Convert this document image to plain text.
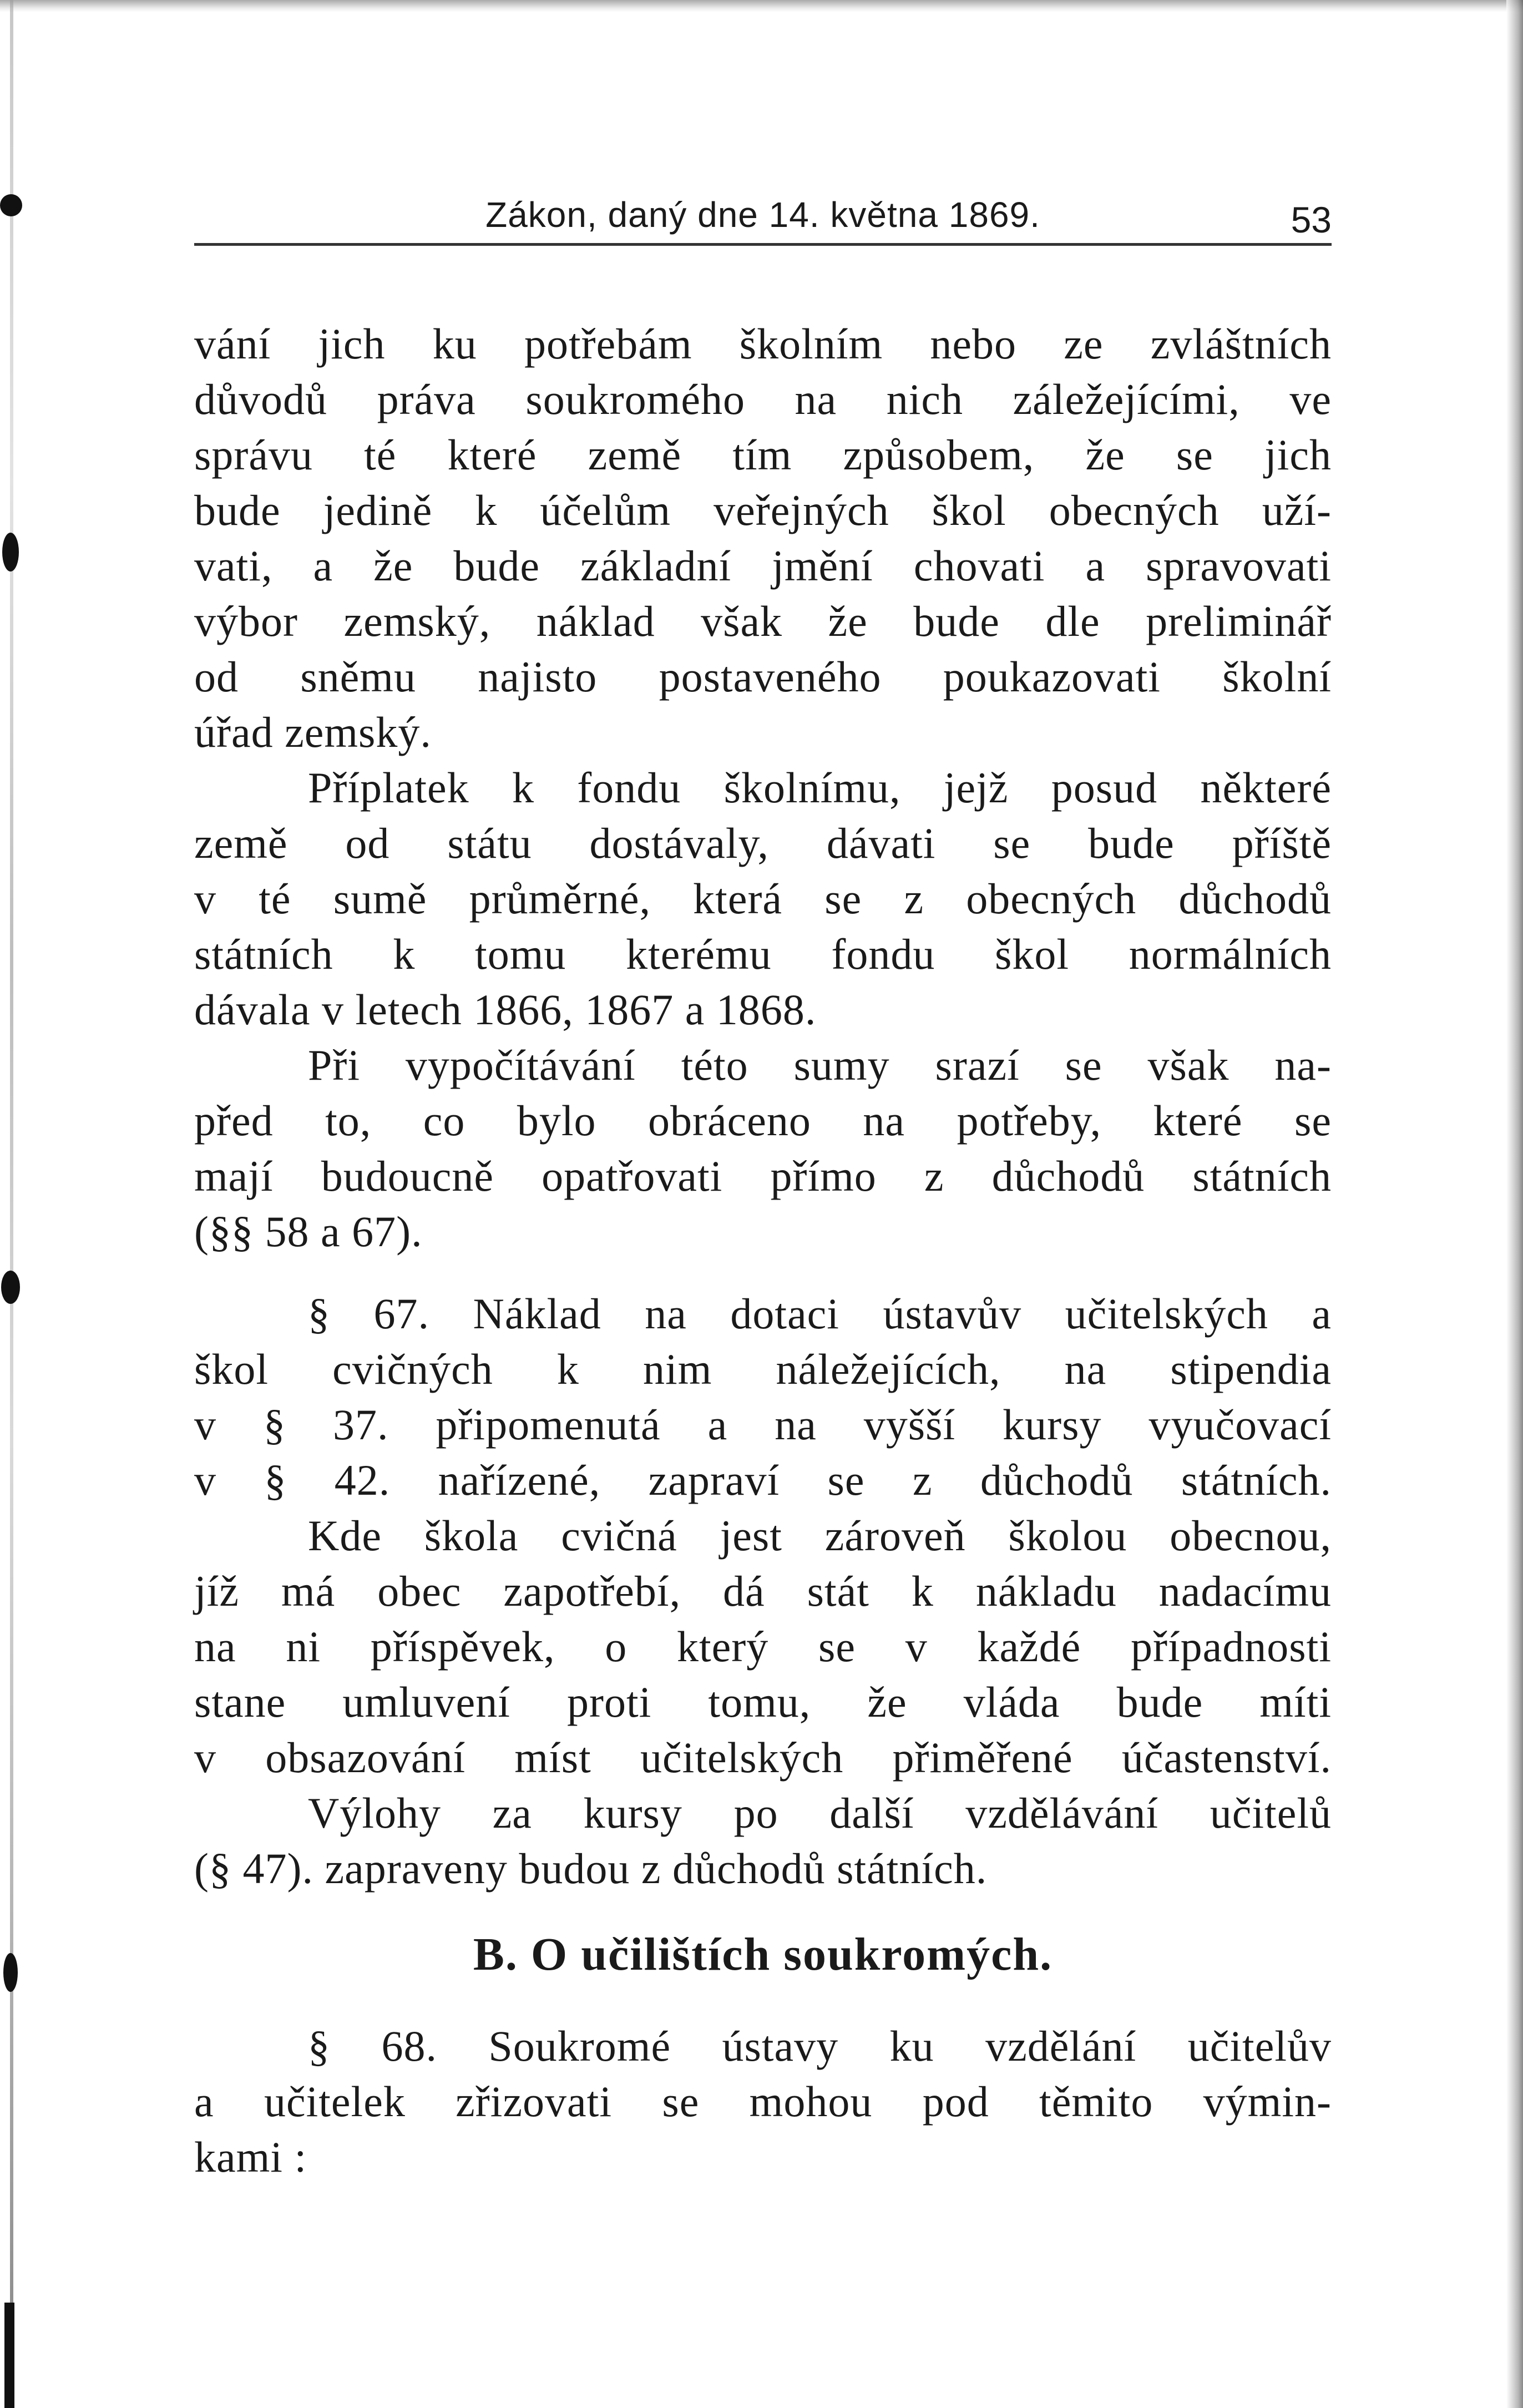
Zákon, daný dne 14. května 1869.	53
vání jich ku potřebám školním nebo ze zvláštních
důvodů práva soukromého na nich záležejícími, ve
správu té které země tím způsobem, že se jich
bude jedině k účelům veřejných škol obecných uží-
vati, a že bude základní jmění chovati a spravovati
výbor zemský, náklad však že bude dle preliminář
od sněmu najisto postaveného poukazovati školní
úřad zemský.
Příplatek k fondu školnímu, jejž posud některé
země od státu dostávaly, dávati se bude příště
v té sumě průměrné, která se z obecných důchodů
státních k tomu kterému fondu škol normálních
dávala v letech 1866, 1867 a 1868.
Při vypočítávání této sumy srazí se však na-
před to, co bylo obráceno na potřeby, které se
mají budoucně opatřovati přímo z důchodů státních
(§§ 58 a 67).
§ 67. Náklad na dotaci ústavův učitelských a
škol cvičných k nim náležejících, na stipendia
v § 37. připomenutá a na vyšší kursy vyučovací
v § 42. nařízené, zapraví se z důchodů státních.
Kde škola cvičná jest zároveň školou obecnou,
jíž má obec zapotřebí, dá stát k nákladu nadacímu
na ni příspěvek, o který se v každé případnosti
stane umluvení proti tomu, že vláda bude míti
v obsazování míst učitelských přiměřené účastenství.
Výlohy za kursy po další vzdělávání učitelů
(§ 47). zapraveny budou z důchodů státních.
B. O učilištích soukromých.
§ 68. Soukromé ústavy ku vzdělání učitelův
a učitelek zřizovati se mohou pod těmito výmin-
kami :
